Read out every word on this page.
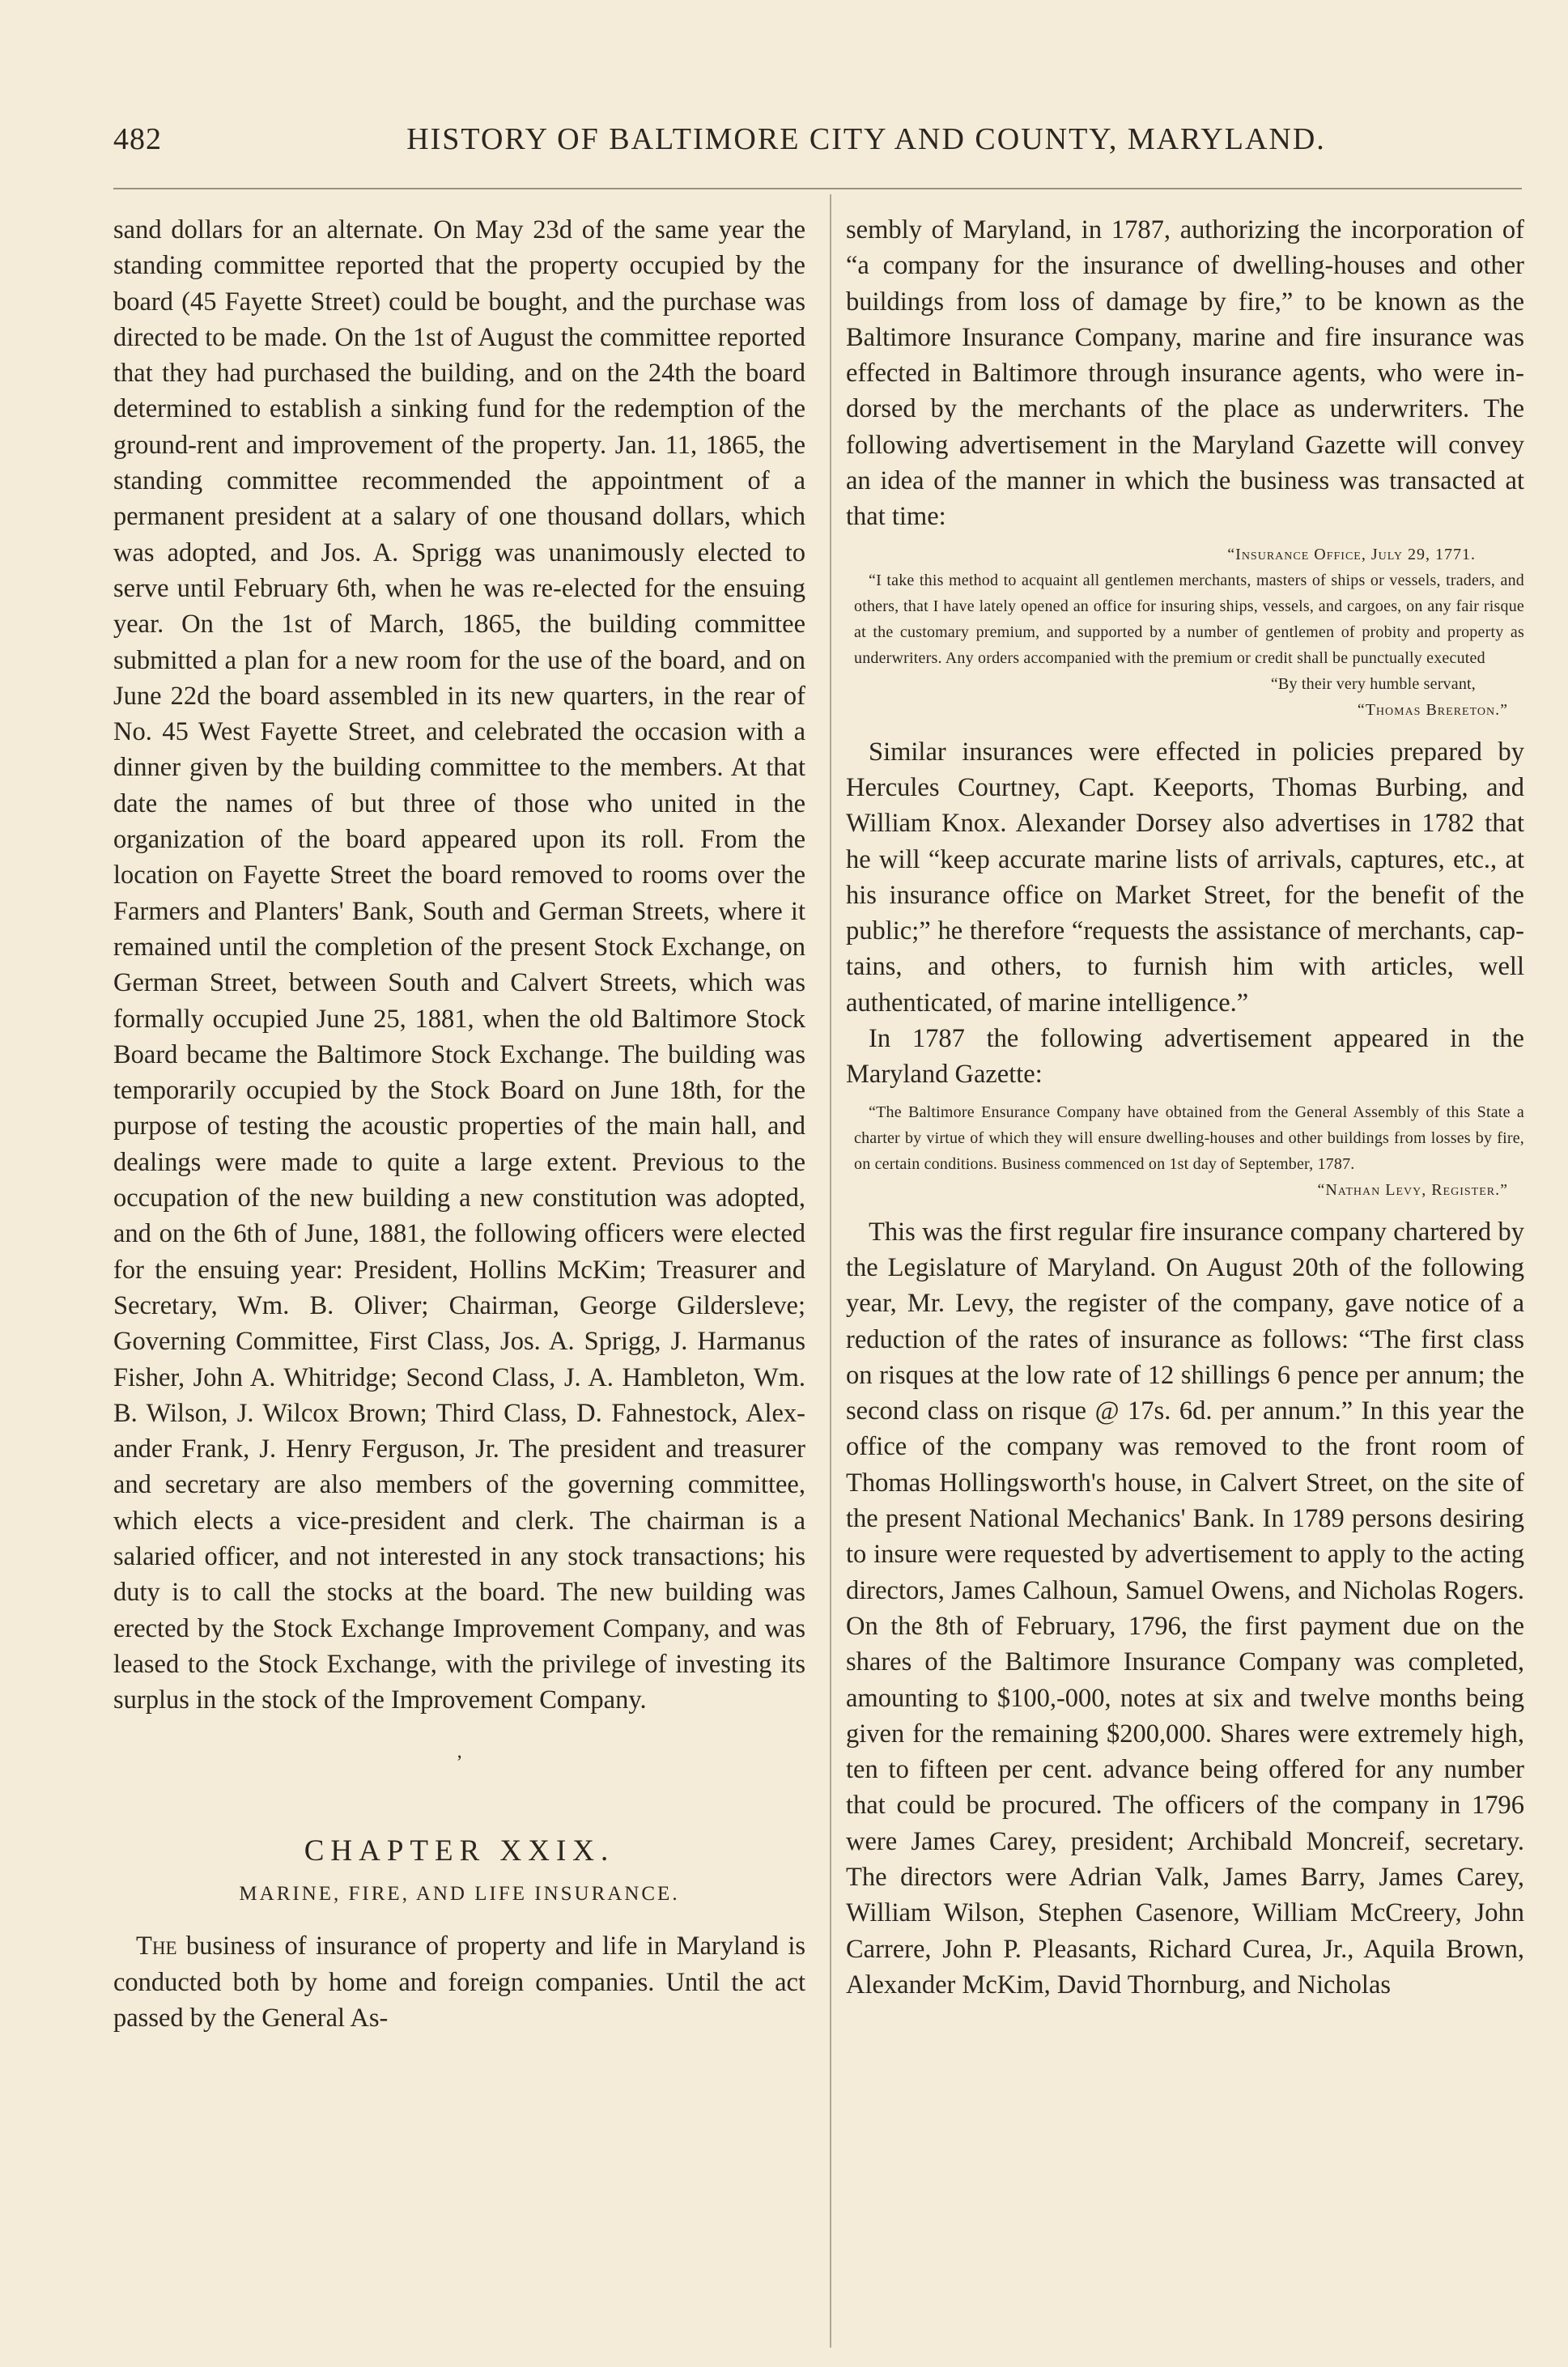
482	HISTORY OF BALTIMORE CITY AND COUNTY, MARYLAND.

sand dollars for an alternate. On May 23d of the same year the standing committee reported that the property occupied by the board (45 Fayette Street) could be bought, and the purchase was directed to be made. On the 1st of August the committee reported that they had purchased the building, and on the 24th the board determined to establish a sinking fund for the redemption of the ground-rent and improvement of the property. Jan. 11, 1865, the standing committee recommended the appointment of a permanent president at a salary of one thousand dollars, which was adopted, and Jos. A. Sprigg was unanimously elected to serve until February 6th, when he was re-elected for the ensuing year. On the 1st of March, 1865, the building committee submitted a plan for a new room for the use of the board, and on June 22d the board assembled in its new quarters, in the rear of No. 45 West Fayette Street, and celebrated the occasion with a dinner given by the building committee to the members. At that date the names of but three of those who united in the organization of the board appeared upon its roll. From the location on Fayette Street the board removed to rooms over the Farmers and Planters' Bank, South and German Streets, where it remained until the completion of the present Stock Exchange, on German Street, between South and Calvert Streets, which was formally occupied June 25, 1881, when the old Baltimore Stock Board became the Baltimore Stock Exchange. The building was temporarily occupied by the Stock Board on June 18th, for the purpose of testing the acoustic properties of the main hall, and dealings were made to quite a large extent. Previous to the occupation of the new building a new constitution was adopted, and on the 6th of June, 1881, the following officers were elected for the ensuing year: President, Hollins McKim; Treasurer and Secretary, Wm. B. Oliver; Chairman, George Gildersleve; Governing Committee, First Class, Jos. A. Sprigg, J. Harmanus Fisher, John A. Whitridge; Second Class, J. A. Hambleton, Wm. B. Wilson, J. Wilcox Brown; Third Class, D. Fahnestock, Alexander Frank, J. Henry Ferguson, Jr. The president and treasurer and secretary are also members of the governing committee, which elects a vice-president and clerk. The chairman is a salaried officer, and not interested in any stock transactions; his duty is to call the stocks at the board. The new building was erected by the Stock Exchange Improvement Company, and was leased to the Stock Exchange, with the privilege of investing its surplus in the stock of the Improvement Company.

‚
CHAPTER XXIX.
MARINE, FIRE, AND LIFE INSURANCE.

The business of insurance of property and life in Maryland is conducted both by home and foreign companies. Until the act passed by the General As-

sembly of Maryland, in 1787, authorizing the incorporation of “a company for the insurance of dwelling-houses and other buildings from loss of damage by fire,” to be known as the Baltimore Insurance Company, marine and fire insurance was effected in Baltimore through insurance agents, who were indorsed by the merchants of the place as underwriters. The following advertisement in the Maryland Gazette will convey an idea of the manner in which the business was transacted at that time:

“Insurance Office, July 29, 1771.
“I take this method to acquaint all gentlemen merchants, masters of ships or vessels, traders, and others, that I have lately opened an office for insuring ships, vessels, and cargoes, on any fair risque at the customary premium, and supported by a number of gentlemen of probity and property as underwriters. Any orders accompanied with the premium or credit shall be punctually executed
“By their very humble servant,
“Thomas Brereton.”

Similar insurances were effected in policies prepared by Hercules Courtney, Capt. Keeports, Thomas Burbing, and William Knox. Alexander Dorsey also advertises in 1782 that he will “keep accurate marine lists of arrivals, captures, etc., at his insurance office on Market Street, for the benefit of the public;” he therefore “requests the assistance of merchants, captains, and others, to furnish him with articles, well authenticated, of marine intelligence.”

In 1787 the following advertisement appeared in the Maryland Gazette:

“The Baltimore Ensurance Company have obtained from the General Assembly of this State a charter by virtue of which they will ensure dwelling-houses and other buildings from losses by fire, on certain conditions. Business commenced on 1st day of September, 1787.
“Nathan Levy, Register.”

This was the first regular fire insurance company chartered by the Legislature of Maryland. On August 20th of the following year, Mr. Levy, the register of the company, gave notice of a reduction of the rates of insurance as follows: “The first class on risques at the low rate of 12 shillings 6 pence per annum; the second class on risque @ 17s. 6d. per annum.” In this year the office of the company was removed to the front room of Thomas Hollingsworth's house, in Calvert Street, on the site of the present National Mechanics' Bank. In 1789 persons desiring to insure were requested by advertisement to apply to the acting directors, James Calhoun, Samuel Owens, and Nicholas Rogers. On the 8th of February, 1796, the first payment due on the shares of the Baltimore Insurance Company was completed, amounting to $100,-000, notes at six and twelve months being given for the remaining $200,000. Shares were extremely high, ten to fifteen per cent. advance being offered for any number that could be procured. The officers of the company in 1796 were James Carey, president; Archibald Moncreif, secretary. The directors were Adrian Valk, James Barry, James Carey, William Wilson, Stephen Casenore, William McCreery, John Carrere, John P. Pleasants, Richard Curea, Jr., Aquila Brown, Alexander McKim, David Thornburg, and Nicholas
